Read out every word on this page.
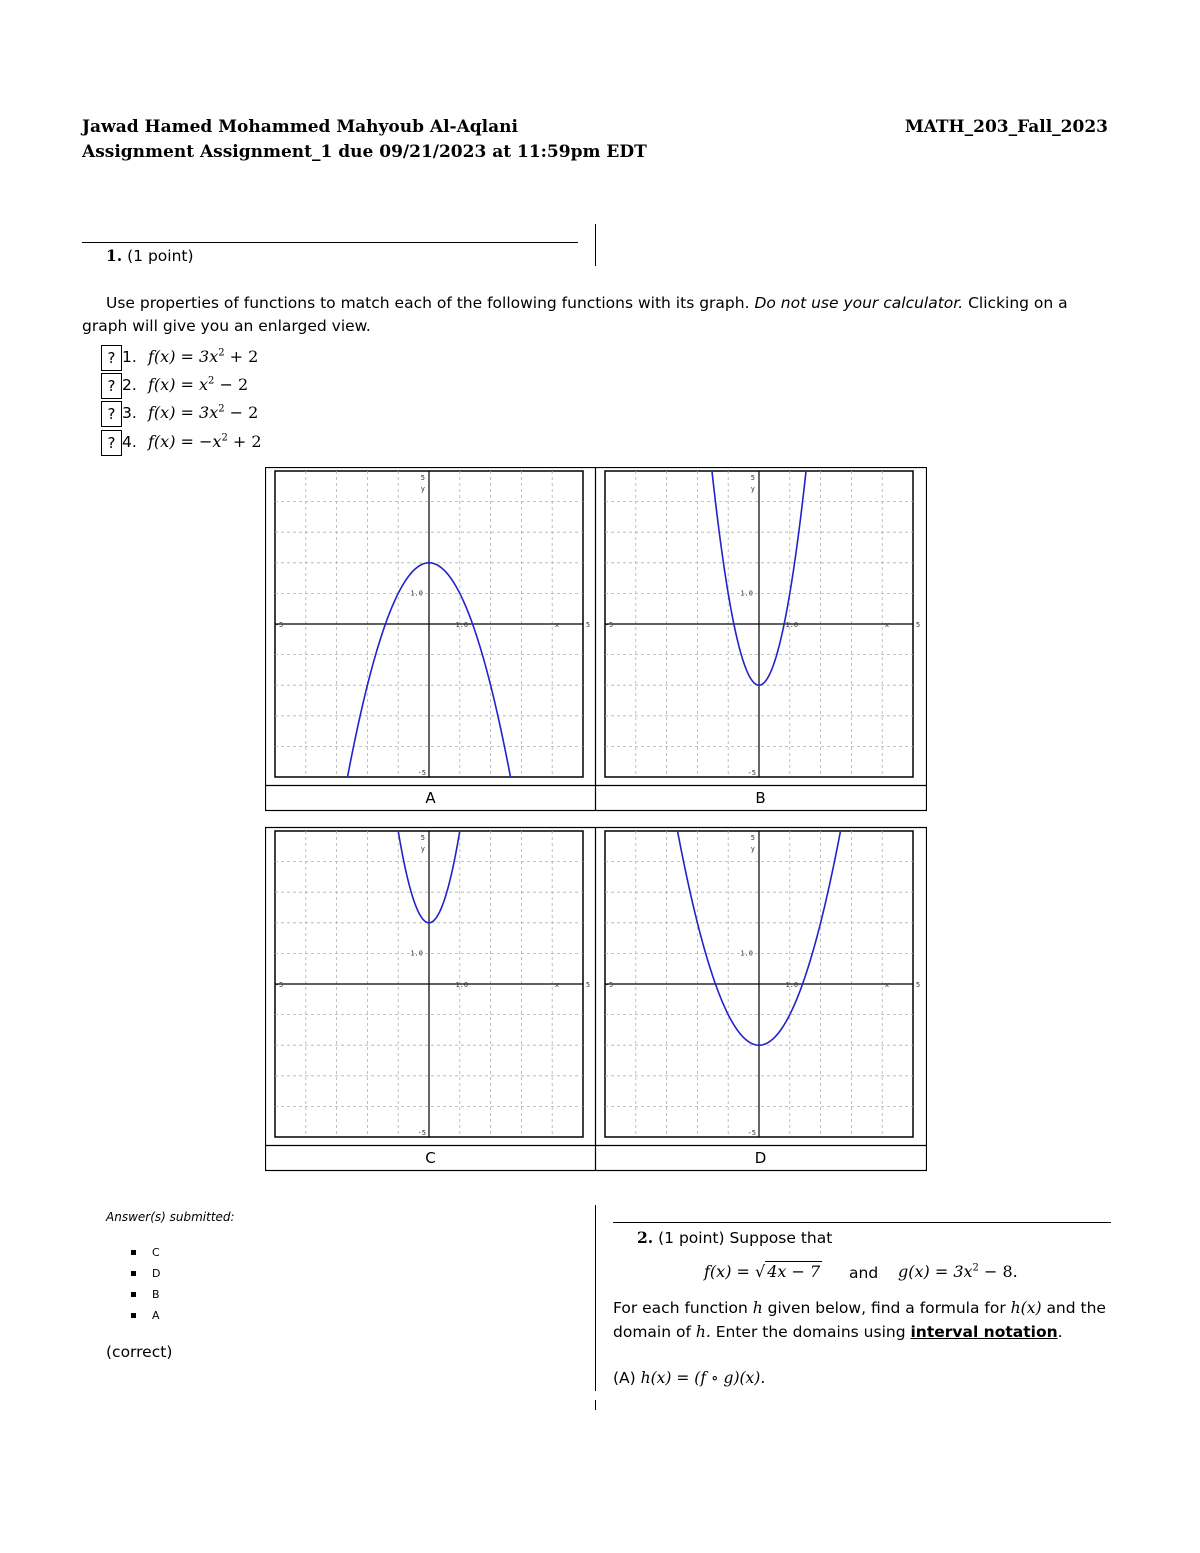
Jawad Hamed Mohammed Mahyoub Al-Aqlani	MATH_203_Fall_2023
Assignment Assignment_1 due 09/21/2023 at 11:59pm EDT
1. (1 point)
Use properties of functions to match each of the following functions with its graph. Do not use your calculator. Clicking on a
graph will give you an enlarged view.
? 1. $f(x) = 3x^2 + 2$
? 2. $f(x) = x^2 - 2$
? 3. $f(x) = 3x^2 - 2$
? 4. $f(x) = -x^2 + 2$
5
y
1.0
1.0
-5
-5	x	5
A
5
y
1.0
1.0
-5
-5	x	5
B
5
y
1.0
1.0
-5
-5	x	5
C
5
y
1.0
1.0
-5
-5	x	5
D
Answer(s) submitted:
C
D
B
A
(correct)
2. (1 point) Suppose that
f(x) = √ 4x − 7 and $g(x) = 3x^2 - 8$.
For each function h given below, find a formula for h(x) and the
domain of h. Enter the domains using interval notation.
(A) h(x) = (f ∘ g)(x).
